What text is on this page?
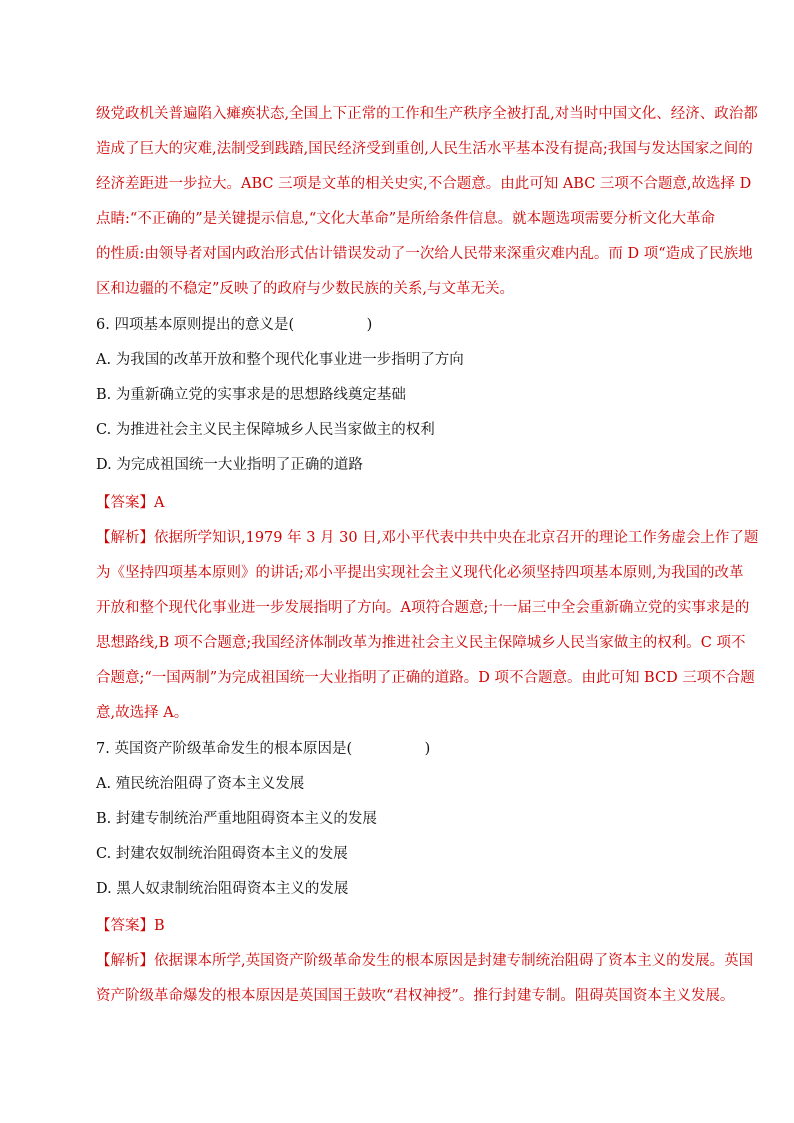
级党政机关普遍陷入瘫痪状态,全国上下正常的工作和生产秩序全被打乱,对当时中国文化、经济、政治都
造成了巨大的灾难,法制受到践踏,国民经济受到重创,人民生活水平基本没有提高;我国与发达国家之间的
经济差距进一步拉大。ABC 三项是文革的相关史实,不合题意。由此可知 ABC 三项不合题意,故选择 D
点睛:“不正确的”是关键提示信息,“文化大革命”是所给条件信息。就本题选项需要分析文化大革命
的性质:由领导者对国内政治形式估计错误发动了一次给人民带来深重灾难内乱。而 D 项“造成了民族地
区和边疆的不稳定”反映了的政府与少数民族的关系,与文革无关。
6. 四项基本原则提出的意义是(　　　　　)
A. 为我国的改革开放和整个现代化事业进一步指明了方向
B. 为重新确立党的实事求是的思想路线奠定基础
C. 为推进社会主义民主保障城乡人民当家做主的权利
D. 为完成祖国统一大业指明了正确的道路
【答案】A
【解析】依据所学知识,1979 年 3 月 30 日,邓小平代表中共中央在北京召开的理论工作务虚会上作了题
为《坚持四项基本原则》的讲话;邓小平提出实现社会主义现代化必须坚持四项基本原则,为我国的改革
开放和整个现代化事业进一步发展指明了方向。A项符合题意;十一届三中全会重新确立党的实事求是的
思想路线,B 项不合题意;我国经济体制改革为推进社会主义民主保障城乡人民当家做主的权利。C 项不
合题意;“一国两制”为完成祖国统一大业指明了正确的道路。D 项不合题意。由此可知 BCD 三项不合题
意,故选择 A。
7. 英国资产阶级革命发生的根本原因是(　　　　　)
A. 殖民统治阻碍了资本主义发展
B. 封建专制统治严重地阻碍资本主义的发展
C. 封建农奴制统治阻碍资本主义的发展
D. 黑人奴隶制统治阻碍资本主义的发展
【答案】B
【解析】依据课本所学,英国资产阶级革命发生的根本原因是封建专制统治阻碍了资本主义的发展。英国
资产阶级革命爆发的根本原因是英国国王鼓吹“君权神授”。推行封建专制。阻碍英国资本主义发展。
